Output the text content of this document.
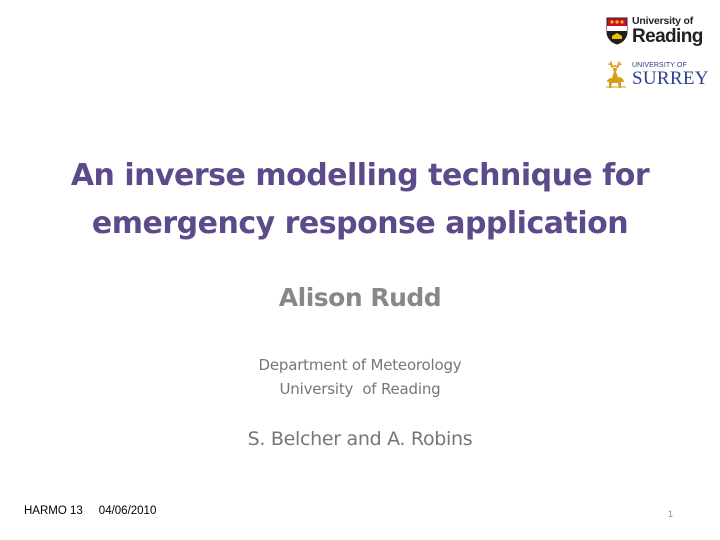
University of
Reading
UNIVERSITY OF
SURREY
An inverse modelling technique for
emergency response application
Alison Rudd
Department of Meteorology
University  of Reading
S. Belcher and A. Robins
HARMO 13 04/06/2010	1
